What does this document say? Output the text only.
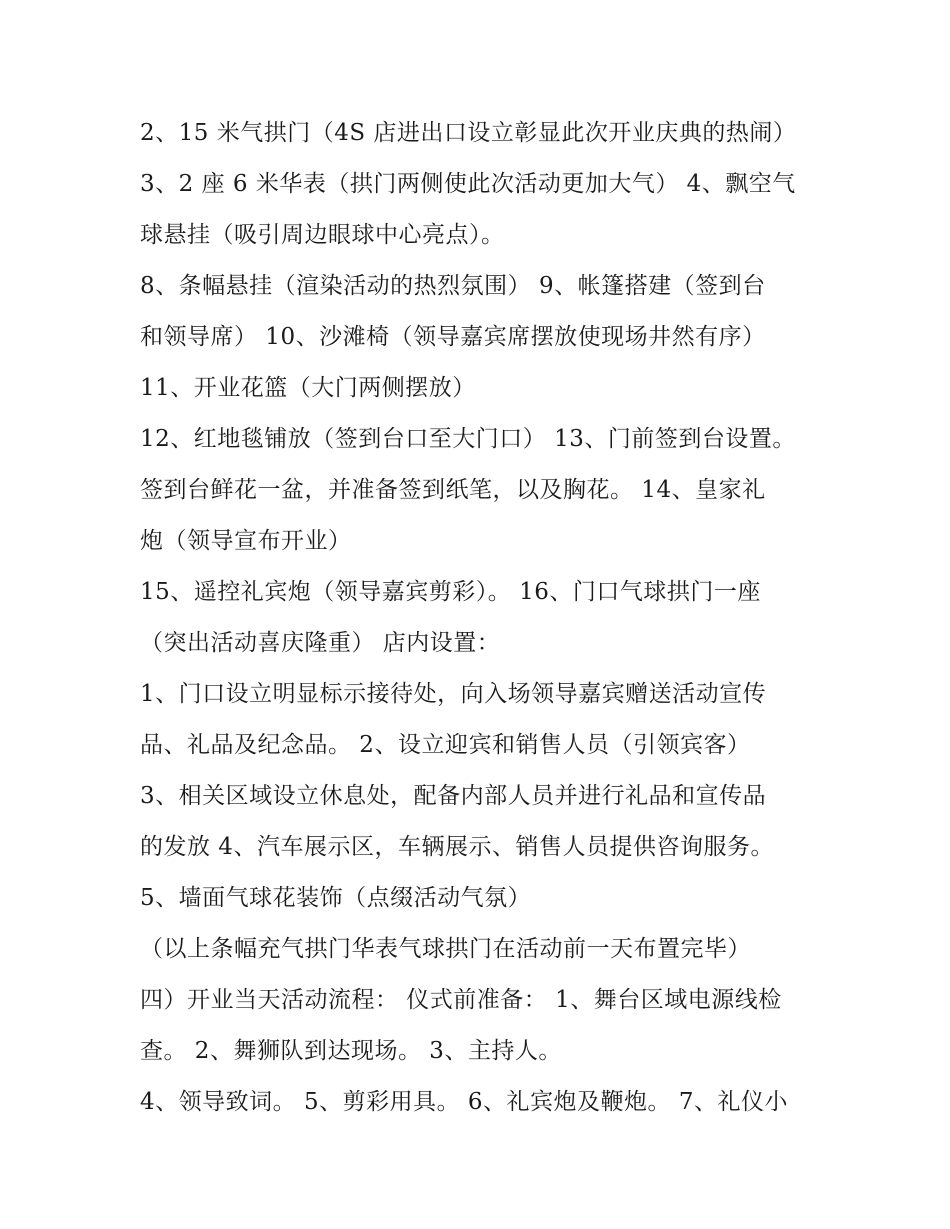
2、15 米气拱门（4S 店进出口设立彰显此次开业庆典的热闹）
3、2 座 6 米华表（拱门两侧使此次活动更加大气） 4、飘空气
球悬挂（吸引周边眼球中心亮点）。
8、条幅悬挂（渲染活动的热烈氛围） 9、帐篷搭建（签到台
和领导席） 10、沙滩椅（领导嘉宾席摆放使现场井然有序）
11、开业花篮（大门两侧摆放）
12、红地毯铺放（签到台口至大门口） 13、门前签到台设置。
签到台鲜花一盆，并准备签到纸笔，以及胸花。 14、皇家礼
炮（领导宣布开业）
15、遥控礼宾炮（领导嘉宾剪彩）。 16、门口气球拱门一座
（突出活动喜庆隆重） 店内设置：
1、门口设立明显标示接待处，向入场领导嘉宾赠送活动宣传
品、礼品及纪念品。 2、设立迎宾和销售人员（引领宾客）
3、相关区域设立休息处，配备内部人员并进行礼品和宣传品
的发放 4、汽车展示区，车辆展示、销售人员提供咨询服务。
5、墙面气球花装饰（点缀活动气氛）
（以上条幅充气拱门华表气球拱门在活动前一天布置完毕）
四）开业当天活动流程： 仪式前准备： 1、舞台区域电源线检
查。 2、舞狮队到达现场。 3、主持人。
4、领导致词。 5、剪彩用具。 6、礼宾炮及鞭炮。 7、礼仪小
